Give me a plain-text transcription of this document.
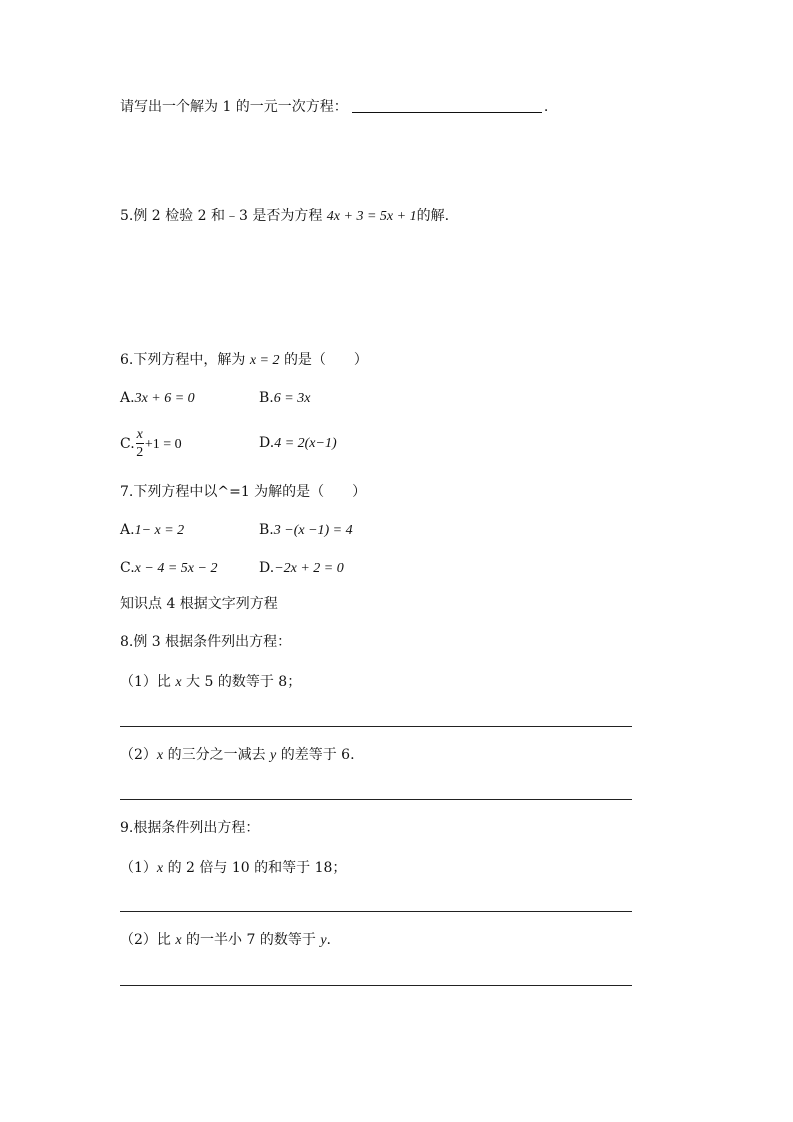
请写出一个解为 1 的一元一次方程：	.
5.例 2 检验 2 和﹣3 是否为方程 4x + 3 = 5x + 1的解.
6.下列方程中，解为 x = 2 的是（　　）
A.3x + 6 = 0	B.6 = 3x
C. $\frac{x}{2} +1 = 0$	D.4 = 2(x−1)
7.下列方程中以^=1 为解的是（　　）
A.1− x = 2	B.3 −(x −1) = 4
C.x − 4 = 5x − 2	D.−2x + 2 = 0
知识点 4 根据文字列方程
8.例 3 根据条件列出方程：
（1）比 x 大 5 的数等于 8；
（2）x 的三分之一减去 y 的差等于 6.
9.根据条件列出方程：
（1）x 的 2 倍与 10 的和等于 18；
（2）比 x 的一半小 7 的数等于 y.
